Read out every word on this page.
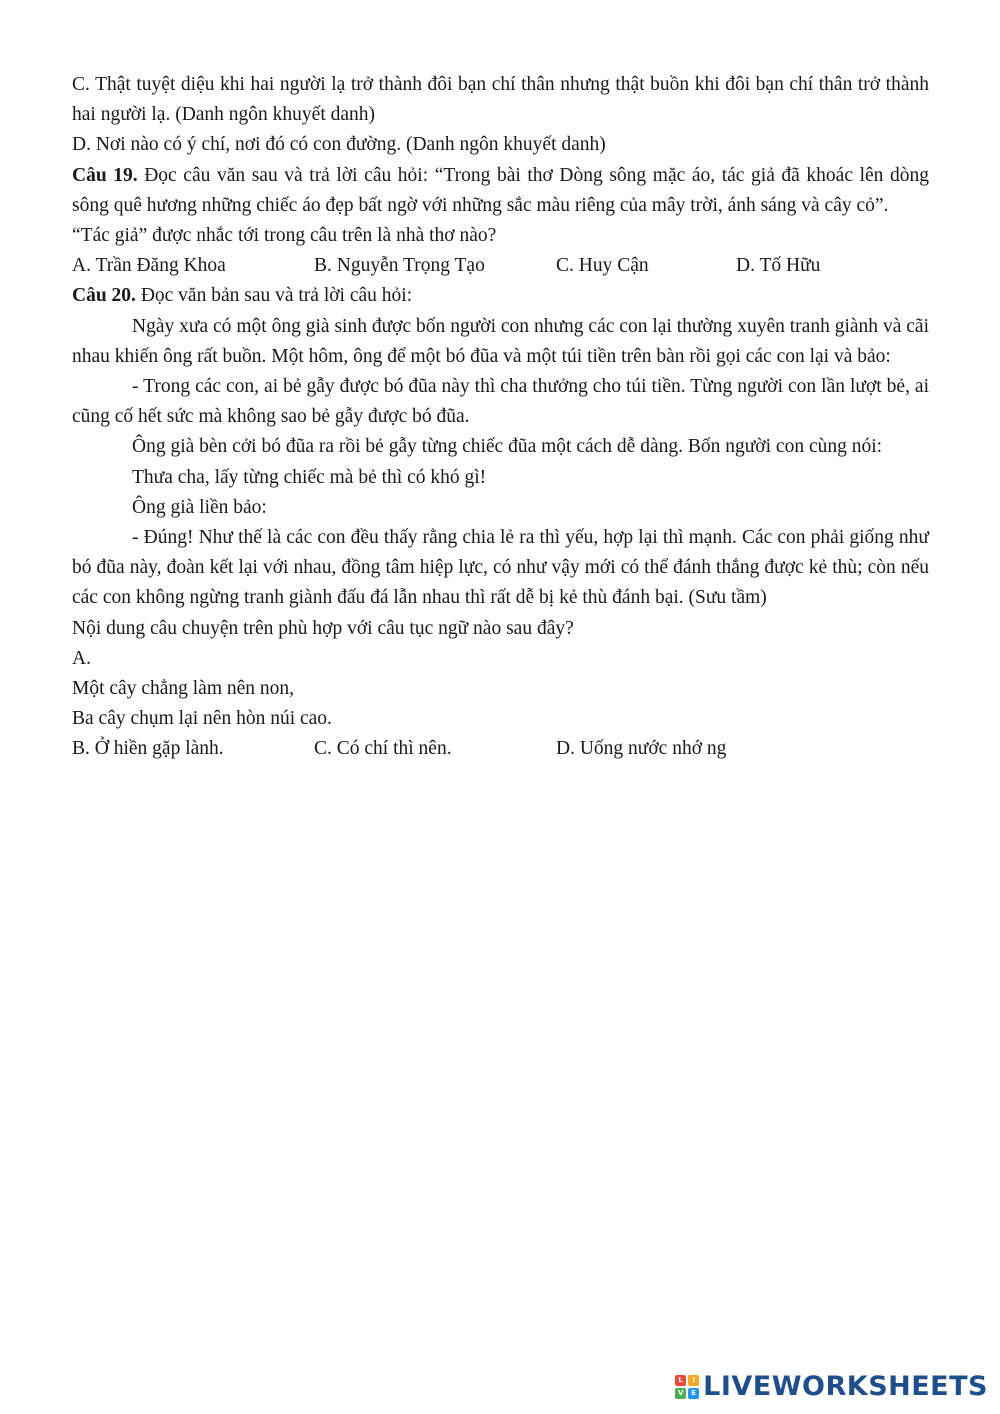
C. Thật tuyệt diệu khi hai người lạ trở thành đôi bạn chí thân nhưng thật buồn khi đôi bạn chí thân trở thành hai người lạ. (Danh ngôn khuyết danh)

D. Nơi nào có ý chí, nơi đó có con đường. (Danh ngôn khuyết danh)

Câu 19. Đọc câu văn sau và trả lời câu hỏi: “Trong bài thơ Dòng sông mặc áo, tác giả đã khoác lên dòng sông quê hương những chiếc áo đẹp bất ngờ với những sắc màu riêng của mây trời, ánh sáng và cây cỏ”.

“Tác giả” được nhắc tới trong câu trên là nhà thơ nào?

A. Trần Đăng Khoa	B. Nguyễn Trọng Tạo	C. Huy Cận	D. Tố Hữu

Câu 20. Đọc văn bản sau và trả lời câu hỏi:

Ngày xưa có một ông già sinh được bốn người con nhưng các con lại thường xuyên tranh giành và cãi nhau khiến ông rất buồn. Một hôm, ông để một bó đũa và một túi tiền trên bàn rồi gọi các con lại và bảo:

- Trong các con, ai bẻ gẫy được bó đũa này thì cha thưởng cho túi tiền. Từng người con lần lượt bẻ, ai cũng cố hết sức mà không sao bẻ gẫy được bó đũa.

Ông già bèn cởi bó đũa ra rồi bẻ gẫy từng chiếc đũa một cách dễ dàng. Bốn người con cùng nói:

Thưa cha, lấy từng chiếc mà bẻ thì có khó gì!

Ông già liền bảo:

- Đúng! Như thế là các con đều thấy rằng chia lẻ ra thì yếu, hợp lại thì mạnh. Các con phải giống như bó đũa này, đoàn kết lại với nhau, đồng tâm hiệp lực, có như vậy mới có thể đánh thắng được kẻ thù; còn nếu các con không ngừng tranh giành đấu đá lẫn nhau thì rất dễ bị kẻ thù đánh bại. (Sưu tầm)

Nội dung câu chuyện trên phù hợp với câu tục ngữ nào sau đây?

A.

Một cây chẳng làm nên non,

Ba cây chụm lại nên hòn núi cao.

B. Ở hiền gặp lành.	C. Có chí thì nên.	D. Uống nước nhớ ng
L	I
V	E LIVEWORKSHEETS
